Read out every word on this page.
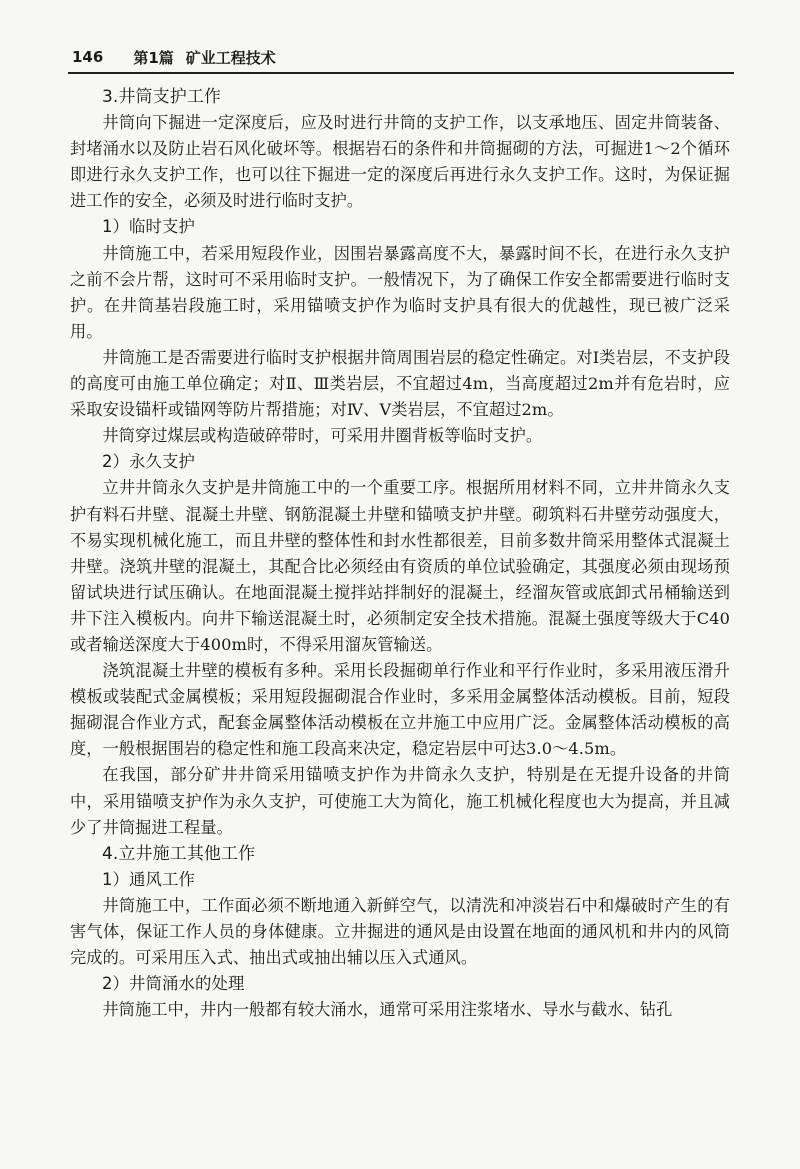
146 第1篇 矿业工程技术
3.井筒支护工作

井筒向下掘进一定深度后，应及时进行井筒的支护工作，以支承地压、固定井筒装备、封堵涌水以及防止岩石风化破坏等。根据岩石的条件和井筒掘砌的方法，可掘进1～2个循环即进行永久支护工作，也可以往下掘进一定的深度后再进行永久支护工作。这时，为保证掘进工作的安全，必须及时进行临时支护。

1）临时支护

井筒施工中，若采用短段作业，因围岩暴露高度不大，暴露时间不长，在进行永久支护之前不会片帮，这时可不采用临时支护。一般情况下，为了确保工作安全都需要进行临时支护。在井筒基岩段施工时，采用锚喷支护作为临时支护具有很大的优越性，现已被广泛采用。

井筒施工是否需要进行临时支护根据井筒周围岩层的稳定性确定。对Ⅰ类岩层，不支护段的高度可由施工单位确定；对Ⅱ、Ⅲ类岩层，不宜超过4m，当高度超过2m并有危岩时，应采取安设锚杆或锚网等防片帮措施；对Ⅳ、Ⅴ类岩层，不宜超过2m。

井筒穿过煤层或构造破碎带时，可采用井圈背板等临时支护。

2）永久支护

立井井筒永久支护是井筒施工中的一个重要工序。根据所用材料不同，立井井筒永久支护有料石井壁、混凝土井壁、钢筋混凝土井壁和锚喷支护井壁。砌筑料石井壁劳动强度大，不易实现机械化施工，而且井壁的整体性和封水性都很差，目前多数井筒采用整体式混凝土井壁。浇筑井壁的混凝土，其配合比必须经由有资质的单位试验确定，其强度必须由现场预留试块进行试压确认。在地面混凝土搅拌站拌制好的混凝土，经溜灰管或底卸式吊桶输送到井下注入模板内。向井下输送混凝土时，必须制定安全技术措施。混凝土强度等级大于C40或者输送深度大于400m时，不得采用溜灰管输送。

浇筑混凝土井壁的模板有多种。采用长段掘砌单行作业和平行作业时，多采用液压滑升模板或装配式金属模板；采用短段掘砌混合作业时，多采用金属整体活动模板。目前，短段掘砌混合作业方式，配套金属整体活动模板在立井施工中应用广泛。金属整体活动模板的高度，一般根据围岩的稳定性和施工段高来决定，稳定岩层中可达3.0～4.5m。

在我国，部分矿井井筒采用锚喷支护作为井筒永久支护，特别是在无提升设备的井筒中，采用锚喷支护作为永久支护，可使施工大为简化，施工机械化程度也大为提高，并且减少了井筒掘进工程量。

4.立井施工其他工作
1）通风工作

井筒施工中，工作面必须不断地通入新鲜空气，以清洗和冲淡岩石中和爆破时产生的有害气体，保证工作人员的身体健康。立井掘进的通风是由设置在地面的通风机和井内的风筒完成的。可采用压入式、抽出式或抽出辅以压入式通风。

2）井筒涌水的处理

井筒施工中，井内一般都有较大涌水，通常可采用注浆堵水、导水与截水、钻孔
